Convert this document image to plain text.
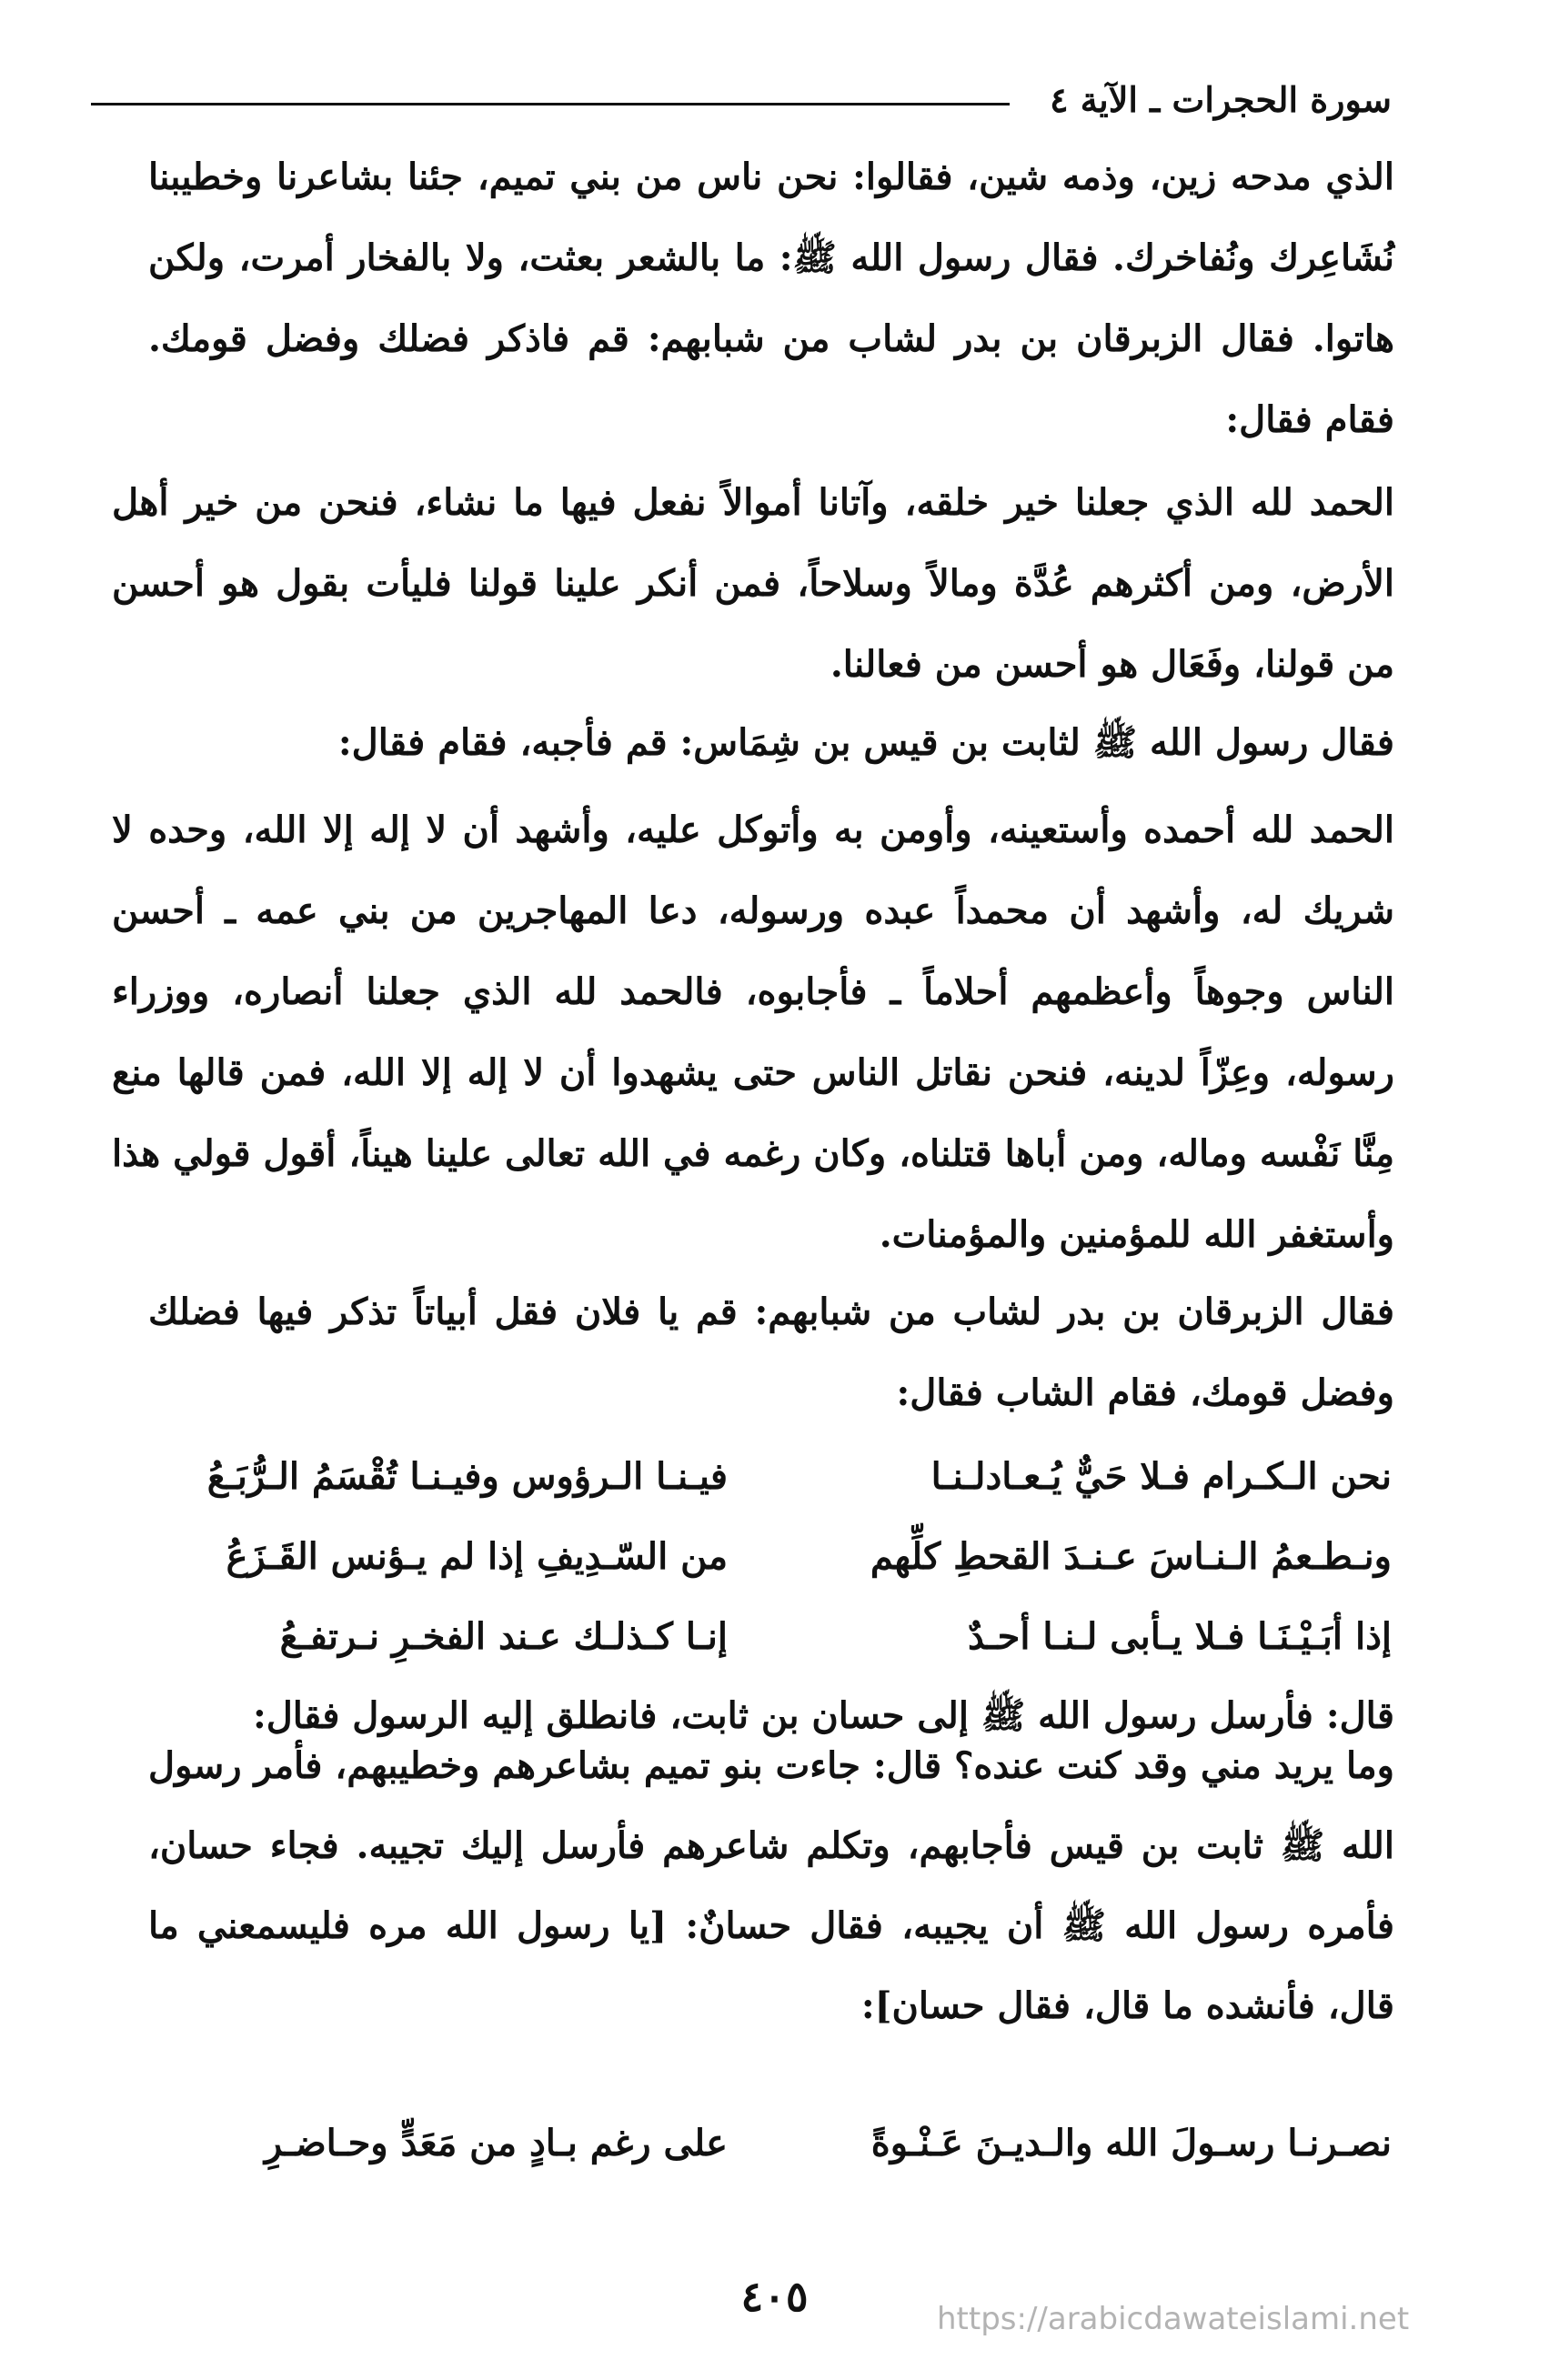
سورة الحجرات ـ الآية ٤

الذي مدحه زين، وذمه شين، فقالوا: نحن ناس من بني تميم، جئنا بشاعرنا وخطيبنا نُشَاعِرك ونُفاخرك. فقال رسول الله ﷺ: ما بالشعر بعثت، ولا بالفخار أمرت، ولكن هاتوا. فقال الزبرقان بن بدر لشاب من شبابهم: قم فاذكر فضلك وفضل قومك. فقام فقال:

الحمد لله الذي جعلنا خير خلقه، وآتانا أموالاً نفعل فيها ما نشاء، فنحن من خير أهل الأرض، ومن أكثرهم عُدَّة ومالاً وسلاحاً، فمن أنكر علينا قولنا فليأت بقول هو أحسن من قولنا، وفَعَال هو أحسن من فعالنا.

فقال رسول الله ﷺ لثابت بن قيس بن شِمَاس: قم فأجبه، فقام فقال:

الحمد لله أحمده وأستعينه، وأومن به وأتوكل عليه، وأشهد أن لا إله إلا الله، وحده لا شريك له، وأشهد أن محمداً عبده ورسوله، دعا المهاجرين من بني عمه ـ أحسن الناس وجوهاً وأعظمهم أحلاماً ـ فأجابوه، فالحمد لله الذي جعلنا أنصاره، ووزراء رسوله، وعِزّاً لدينه، فنحن نقاتل الناس حتى يشهدوا أن لا إله إلا الله، فمن قالها منع مِنَّا نَفْسه وماله، ومن أباها قتلناه، وكان رغمه في الله تعالى علينا هيناً، أقول قولي هذا وأستغفر الله للمؤمنين والمؤمنات.

فقال الزبرقان بن بدر لشاب من شبابهم: قم يا فلان فقل أبياتاً تذكر فيها فضلك وفضل قومك، فقام الشاب فقال:

نحن الـكـرام فـلا حَيٌّ يُـعـادلـنـا
فيـنـا الـرؤوس وفيـنـا تُقْسَمُ الـرُّبَـعُ
ونـطـعمُ الـنـاسَ عـنـدَ القحطِ كلِّهم
من السّـدِيفِ إذا لم يـؤنس القَـزَعُ
إذا أبَـيْـنَـا فـلا يـأبى لـنـا أحـدٌ
إنـا كـذلـك عـند الفخـرِ نـرتفـعُ

قال: فأرسل رسول الله ﷺ إلى حسان بن ثابت، فانطلق إليه الرسول فقال:

وما يريد مني وقد كنت عنده؟ قال: جاءت بنو تميم بشاعرهم وخطيبهم، فأمر رسول الله ﷺ ثابت بن قيس فأجابهم، وتكلم شاعرهم فأرسل إليك تجيبه. فجاء حسان، فأمره رسول الله ﷺ أن يجيبه، فقال حسانٌ: [يا رسول الله مره فليسمعني ما قال، فأنشده ما قال، فقال حسان]:

نصـرنـا رسـولَ الله والـديـنَ عَـنْـوةً
على رغم بـادٍ من مَعَدٍّ وحـاضـرِ
٤٠٥	https://arabicdawateislami.net
